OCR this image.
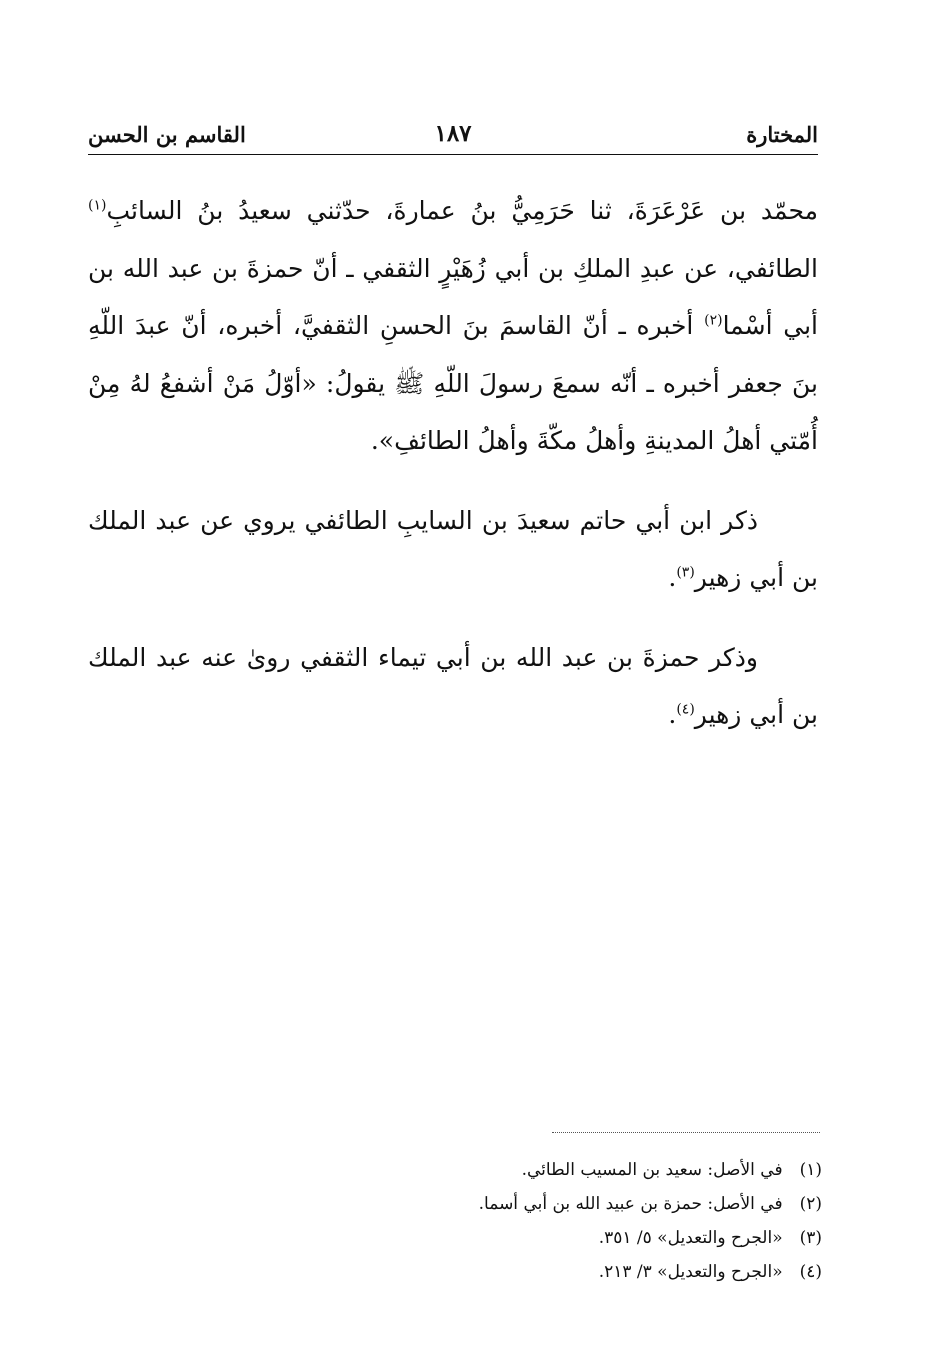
المختارة
١٨٧
القاسم بن الحسن

محمّد بن عَرْعَرَةَ، ثنا حَرَمِيُّ بنُ عمارةَ، حدّثني سعيدُ بنُ السائبِ$^{(١)}$ الطائفي، عن عبدِ الملكِ بن أبي زُهَيْرٍ الثقفي ـ أنّ حمزةَ بن عبد الله بن أبي أسْما$^{(٢)}$ أخبره ـ أنّ القاسمَ بنَ الحسنِ الثقفيَّ، أخبره، أنّ عبدَ اللّهِ بنَ جعفر أخبره ـ أنّه سمعَ رسولَ اللّهِ ﷺ يقولُ: «أوّلُ مَنْ أشفعُ لهُ مِنْ أُمّتي أهلُ المدينةِ وأهلُ مكّةَ وأهلُ الطائفِ».

ذكر ابن أبي حاتم سعيدَ بن السايبِ الطائفي يروي عن عبد الملك بن أبي زهير$^{(٣)}$.

وذكر حمزةَ بن عبد الله بن أبي تيماء الثقفي روىٰ عنه عبد الملك بن أبي زهير$^{(٤)}$.

(١) في الأصل: سعيد بن المسيب الطائي.

(٢) في الأصل: حمزة بن عبيد الله بن أبي أسما.

(٣) «الجرح والتعديل» ٥/ ٣٥١.

(٤) «الجرح والتعديل» ٣/ ٢١٣.
